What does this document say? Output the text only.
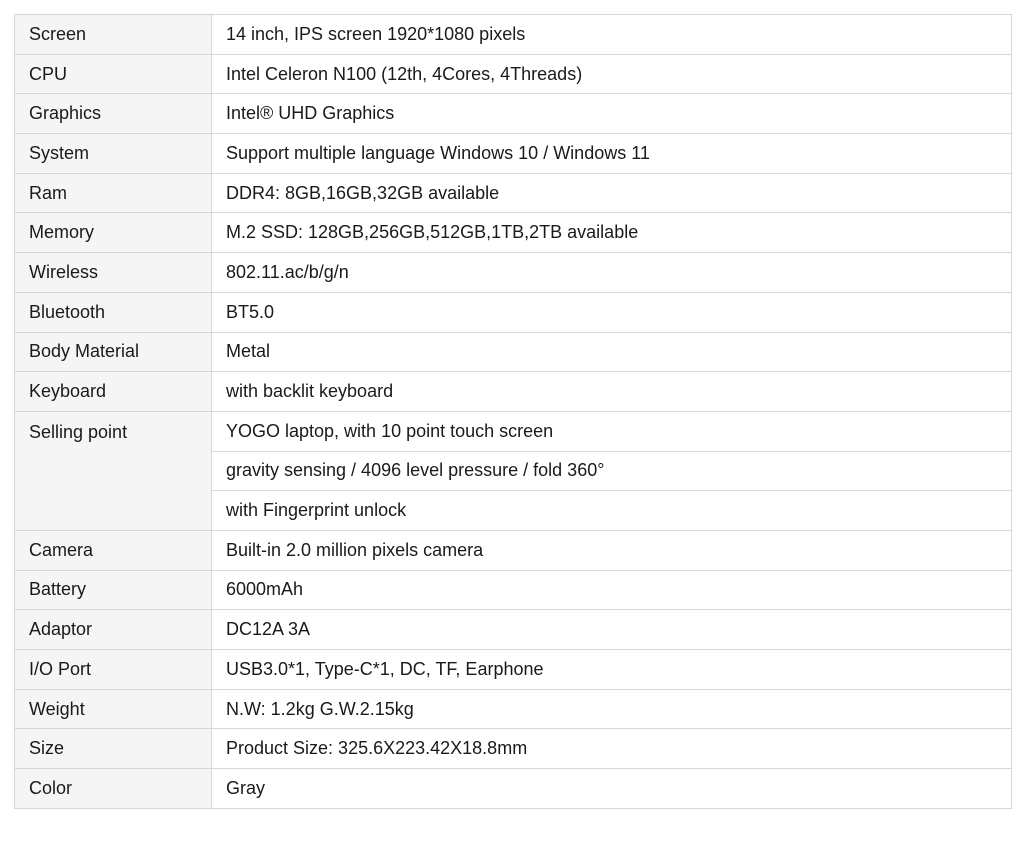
Screen	14 inch, IPS screen 1920*1080 pixels
CPU	Intel Celeron N100 (12th, 4Cores, 4Threads)
Graphics	Intel® UHD Graphics
System	Support multiple language Windows 10 / Windows 11
Ram	DDR4: 8GB,16GB,32GB available
Memory	M.2 SSD: 128GB,256GB,512GB,1TB,2TB available
Wireless	802.11.ac/b/g/n
Bluetooth	BT5.0
Body Material	Metal
Keyboard	with backlit keyboard
Selling point	YOGO laptop, with 10 point touch screen
	gravity sensing / 4096 level pressure / fold 360°
	with Fingerprint unlock
Camera	Built-in 2.0 million pixels camera
Battery	6000mAh
Adaptor	DC12A 3A
I/O Port	USB3.0*1, Type-C*1, DC, TF, Earphone
Weight	N.W: 1.2kg G.W.2.15kg
Size	Product Size: 325.6X223.42X18.8mm
Color	Gray
